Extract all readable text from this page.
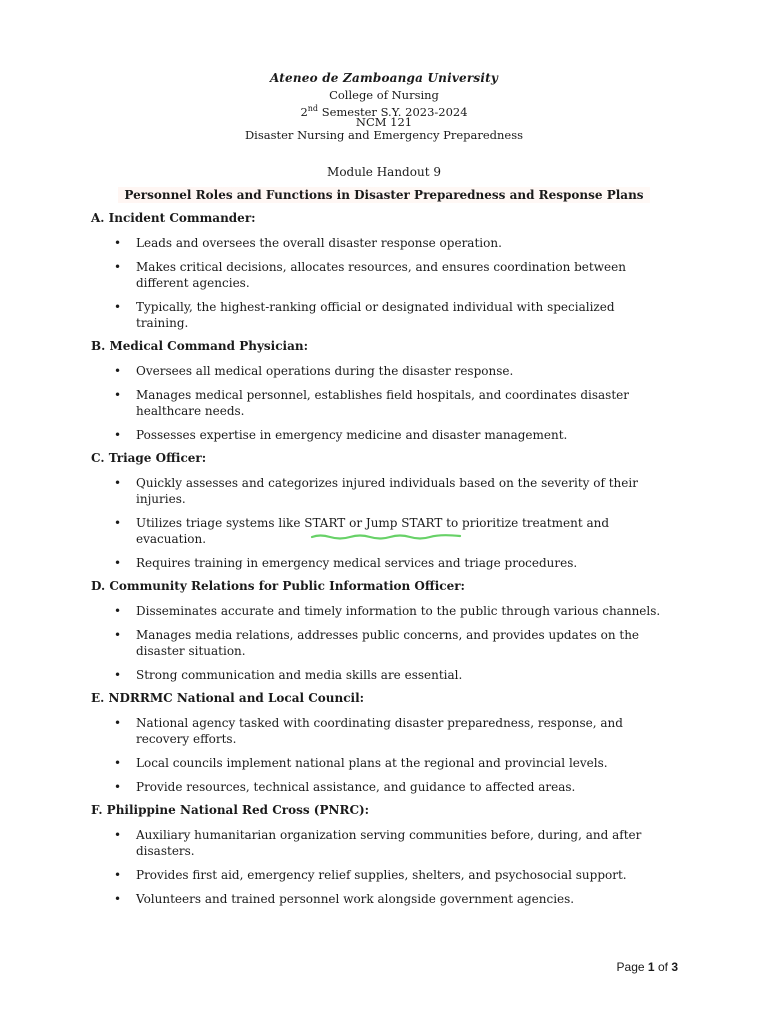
Ateneo de Zamboanga University
College of Nursing
2nd Semester S.Y. 2023-2024
NCM 121
Disaster Nursing and Emergency Preparedness
Module Handout 9
Personnel Roles and Functions in Disaster Preparedness and Response Plans
A. Incident Commander:
• Leads and oversees the overall disaster response operation.
• Makes critical decisions, allocates resources, and ensures coordination between different agencies.
• Typically, the highest-ranking official or designated individual with specialized training.
B. Medical Command Physician:
• Oversees all medical operations during the disaster response.
• Manages medical personnel, establishes field hospitals, and coordinates disaster healthcare needs.
• Possesses expertise in emergency medicine and disaster management.
C. Triage Officer:
• Quickly assesses and categorizes injured individuals based on the severity of their injuries.
• Utilizes triage systems like START or Jump START to prioritize treatment and evacuation.
• Requires training in emergency medical services and triage procedures.
D. Community Relations for Public Information Officer:
• Disseminates accurate and timely information to the public through various channels.
• Manages media relations, addresses public concerns, and provides updates on the disaster situation.
• Strong communication and media skills are essential.
E. NDRRMC National and Local Council:
• National agency tasked with coordinating disaster preparedness, response, and recovery efforts.
• Local councils implement national plans at the regional and provincial levels.
• Provide resources, technical assistance, and guidance to affected areas.
F. Philippine National Red Cross (PNRC):
• Auxiliary humanitarian organization serving communities before, during, and after disasters.
• Provides first aid, emergency relief supplies, shelters, and psychosocial support.
• Volunteers and trained personnel work alongside government agencies.
Page 1 of 3
